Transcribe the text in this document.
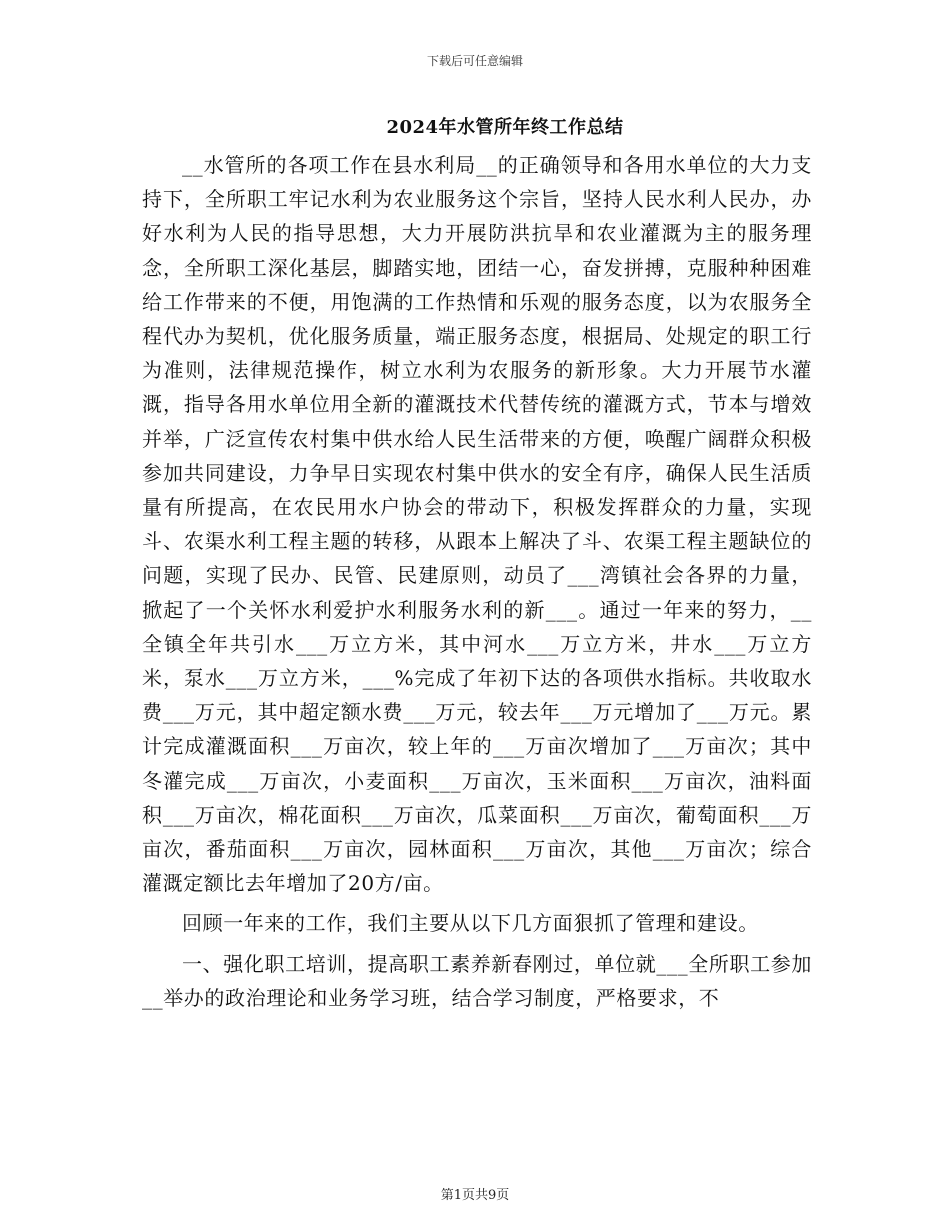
下载后可任意编辑
2024年水管所年终工作总结

__水管所的各项工作在县水利局__的正确领导和各用水单位的大力支持下，全所职工牢记水利为农业服务这个宗旨，坚持人民水利人民办，办好水利为人民的指导思想，大力开展防洪抗旱和农业灌溉为主的服务理念，全所职工深化基层，脚踏实地，团结一心，奋发拼搏，克服种种困难给工作带来的不便，用饱满的工作热情和乐观的服务态度，以为农服务全程代办为契机，优化服务质量，端正服务态度，根据局、处规定的职工行为准则，法律规范操作，树立水利为农服务的新形象。大力开展节水灌溉，指导各用水单位用全新的灌溉技术代替传统的灌溉方式，节本与增效并举，广泛宣传农村集中供水给人民生活带来的方便，唤醒广阔群众积极参加共同建设，力争早日实现农村集中供水的安全有序，确保人民生活质量有所提高，在农民用水户协会的带动下，积极发挥群众的力量，实现斗、农渠水利工程主题的转移，从跟本上解决了斗、农渠工程主题缺位的问题，实现了民办、民管、民建原则，动员了___湾镇社会各界的力量，掀起了一个关怀水利爱护水利服务水利的新___。通过一年来的努力，__全镇全年共引水___万立方米，其中河水___万立方米，井水___万立方米，泵水___万立方米，___%完成了年初下达的各项供水指标。共收取水费___万元，其中超定额水费___万元，较去年___万元增加了___万元。累计完成灌溉面积___万亩次，较上年的___万亩次增加了___万亩次；其中冬灌完成___万亩次，小麦面积___万亩次，玉米面积___万亩次，油料面积___万亩次，棉花面积___万亩次，瓜菜面积___万亩次，葡萄面积___万亩次，番茄面积___万亩次，园林面积___万亩次，其他___万亩次；综合灌溉定额比去年增加了20方/亩。

回顾一年来的工作，我们主要从以下几方面狠抓了管理和建设。

一、强化职工培训，提高职工素养新春刚过，单位就___全所职工参加__举办的政治理论和业务学习班，结合学习制度，严格要求，不

第1页共9页
